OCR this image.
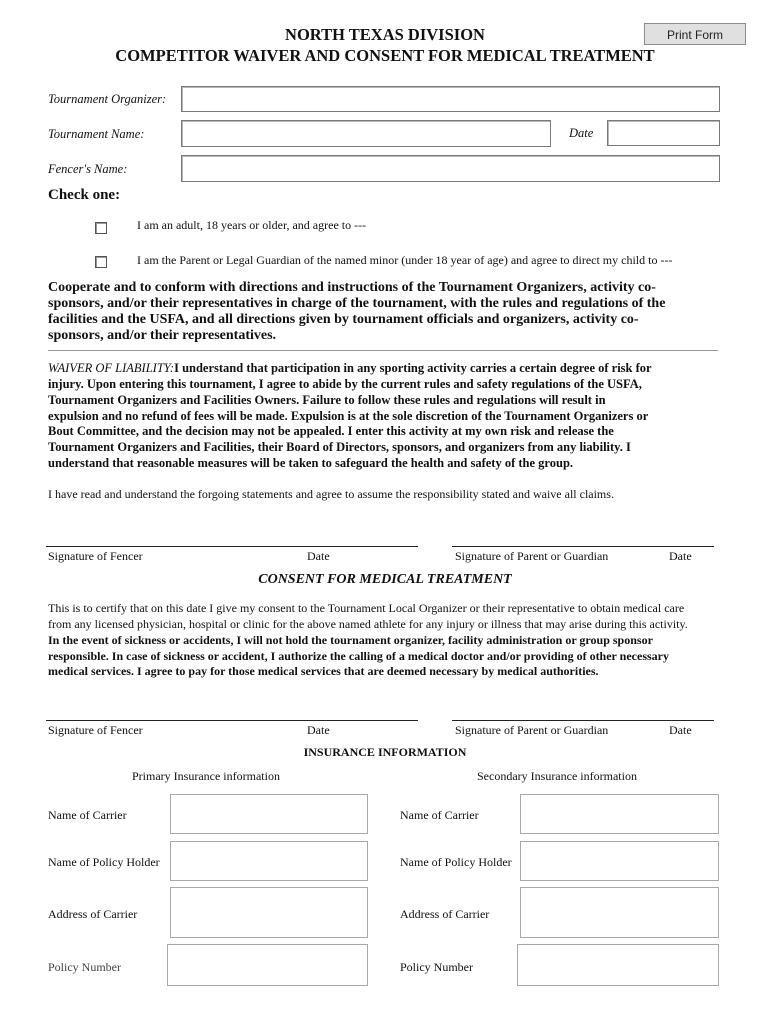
NORTH TEXAS DIVISION
COMPETITOR WAIVER AND CONSENT FOR MEDICAL TREATMENT
Print Form
Tournament Organizer:
Tournament Name:	Date
Fencer's Name:
Check one:
I am an adult, 18 years or older, and agree to ---
I am the Parent or Legal Guardian of the named minor (under 18 year of age) and agree to direct my child to ---
Cooperate and to conform with directions and instructions of the Tournament Organizers, activity co-
sponsors, and/or their representatives in charge of the tournament, with the rules and regulations of the
facilities and the USFA, and all directions given by tournament officials and organizers, activity co-
sponsors, and/or their representatives.
WAIVER OF LIABILITY:I understand that participation in any sporting activity carries a certain degree of risk for
injury. Upon entering this tournament, I agree to abide by the current rules and safety regulations of the USFA,
Tournament Organizers and Facilities Owners. Failure to follow these rules and regulations will result in
expulsion and no refund of fees will be made. Expulsion is at the sole discretion of the Tournament Organizers or
Bout Committee, and the decision may not be appealed. I enter this activity at my own risk and release the
Tournament Organizers and Facilities, their Board of Directors, sponsors, and organizers from any liability. I
understand that reasonable measures will be taken to safeguard the health and safety of the group.
I have read and understand the forgoing statements and agree to assume the responsibility stated and waive all claims.
Signature of Fencer	Date	Signature of Parent or Guardian	Date
CONSENT FOR MEDICAL TREATMENT
This is to certify that on this date I give my consent to the Tournament Local Organizer or their representative to obtain medical care
from any licensed physician, hospital or clinic for the above named athlete for any injury or illness that may arise during this activity.
In the event of sickness or accidents, I will not hold the tournament organizer, facility administration or group sponsor
responsible. In case of sickness or accident, I authorize the calling of a medical doctor and/or providing of other necessary
medical services. I agree to pay for those medical services that are deemed necessary by medical authorities.
Signature of Fencer	Date	Signature of Parent or Guardian	Date
INSURANCE INFORMATION
Primary Insurance information	Secondary Insurance information
Name of Carrier
Name of Policy Holder
Address of Carrier
Policy Number
Name of Carrier
Name of Policy Holder
Address of Carrier
Policy Number
